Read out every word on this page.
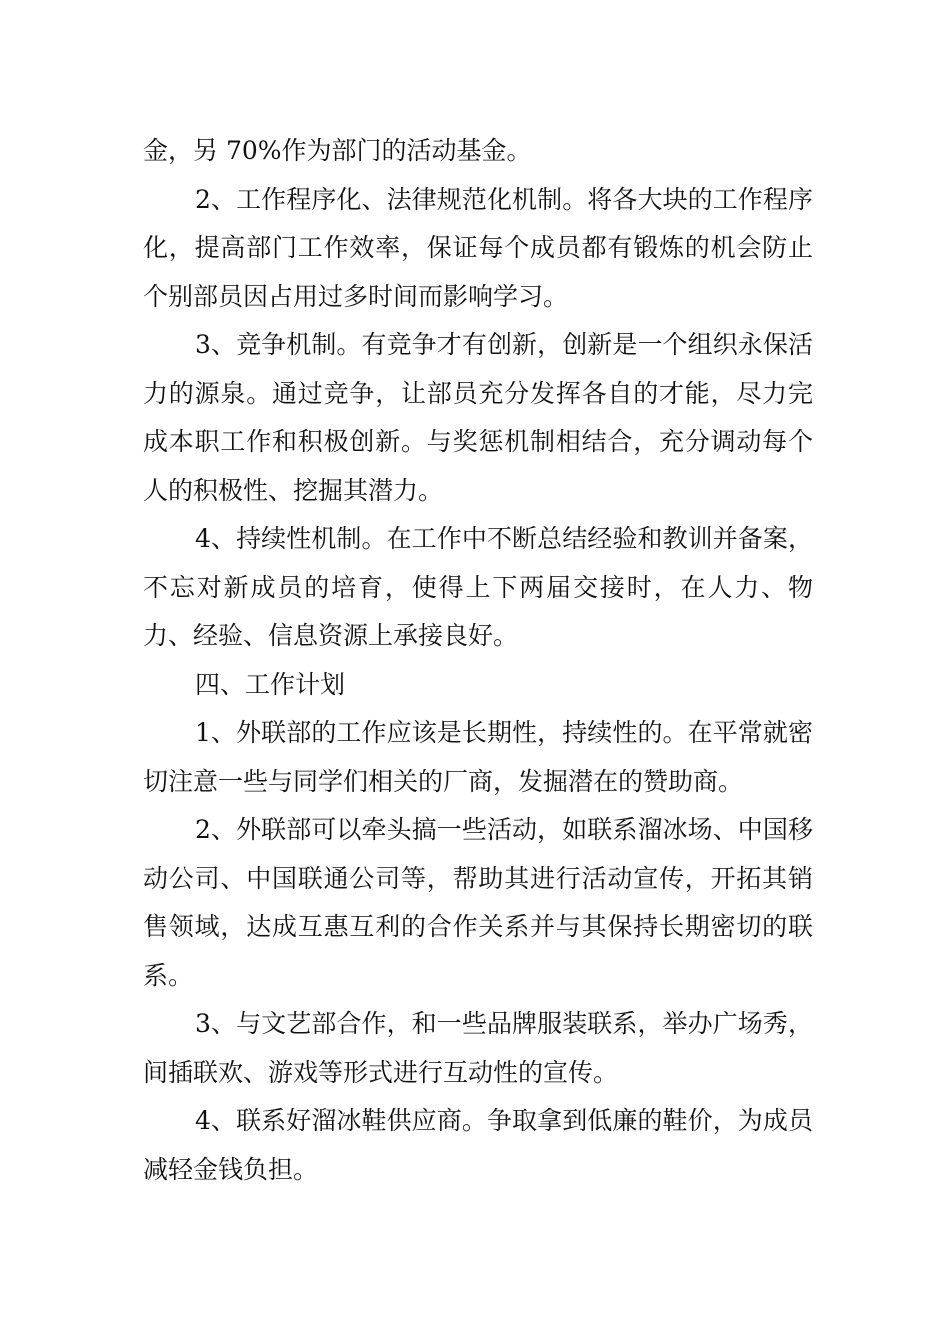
金，另 70%作为部门的活动基金。

2、工作程序化、法律规范化机制。将各大块的工作程序化，提高部门工作效率，保证每个成员都有锻炼的机会防止个别部员因占用过多时间而影响学习。

3、竞争机制。有竞争才有创新，创新是一个组织永保活力的源泉。通过竞争，让部员充分发挥各自的才能，尽力完成本职工作和积极创新。与奖惩机制相结合，充分调动每个人的积极性、挖掘其潜力。

4、持续性机制。在工作中不断总结经验和教训并备案，不忘对新成员的培育，使得上下两届交接时，在人力、物力、经验、信息资源上承接良好。

四、工作计划

1、外联部的工作应该是长期性，持续性的。在平常就密切注意一些与同学们相关的厂商，发掘潜在的赞助商。

2、外联部可以牵头搞一些活动，如联系溜冰场、中国移动公司、中国联通公司等，帮助其进行活动宣传，开拓其销售领域，达成互惠互利的合作关系并与其保持长期密切的联系。

3、与文艺部合作，和一些品牌服装联系，举办广场秀，间插联欢、游戏等形式进行互动性的宣传。

4、联系好溜冰鞋供应商。争取拿到低廉的鞋价，为成员减轻金钱负担。
